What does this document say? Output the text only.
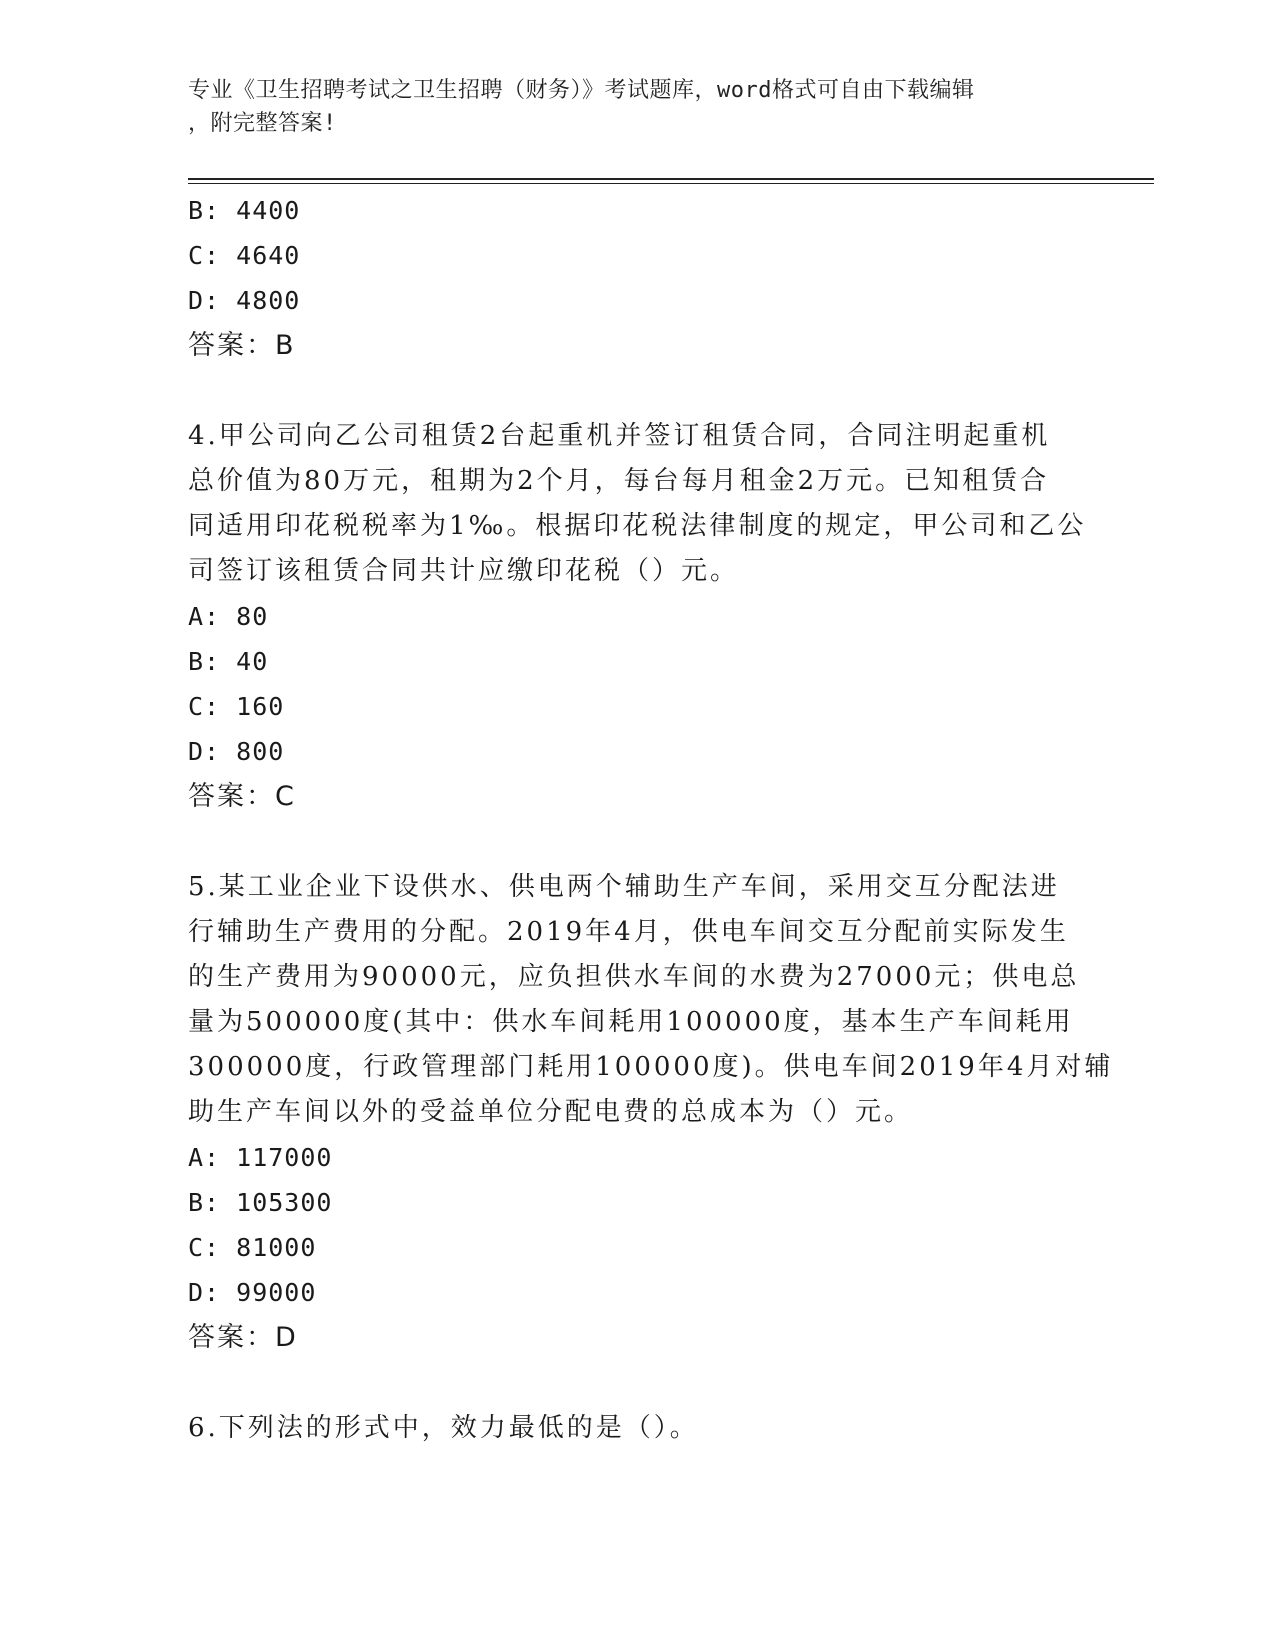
专业《卫生招聘考试之卫生招聘（财务）》考试题库，word格式可自由下载编辑
，附完整答案!
B: 4400
C: 4640
D: 4800
答案：B
4.甲公司向乙公司租赁2台起重机并签订租赁合同，合同注明起重机
总价值为80万元，租期为2个月，每台每月租金2万元。已知租赁合
同适用印花税税率为1‰。根据印花税法律制度的规定，甲公司和乙公
司签订该租赁合同共计应缴印花税（）元。
A: 80
B: 40
C: 160
D: 800
答案：C
5.某工业企业下设供水、供电两个辅助生产车间，采用交互分配法进
行辅助生产费用的分配。2019年4月，供电车间交互分配前实际发生
的生产费用为90000元，应负担供水车间的水费为27000元；供电总
量为500000度(其中：供水车间耗用100000度，基本生产车间耗用
300000度，行政管理部门耗用100000度)。供电车间2019年4月对辅
助生产车间以外的受益单位分配电费的总成本为（）元。
A: 117000
B: 105300
C: 81000
D: 99000
答案：D
6.下列法的形式中，效力最低的是（）。
